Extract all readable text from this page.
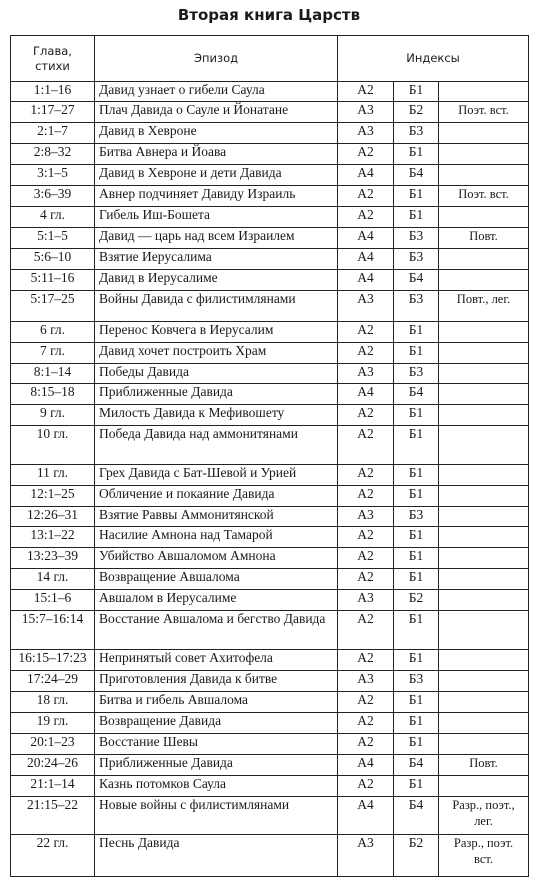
Вторая книга Царств
Глава, стихи	Эпизод	Индексы		
1:1–16	Давид узнает о гибели Саула	А2	Б1	
1:17–27	Плач Давида о Сауле и Йонатане	А3	Б2	Поэт. вст.
2:1–7	Давид в Хевроне	А3	Б3	
2:8–32	Битва Авнера и Йоава	А2	Б1	
3:1–5	Давид в Хевроне и дети Давида	А4	Б4	
3:6–39	Авнер подчиняет Давиду Израиль	А2	Б1	Поэт. вст.
4 гл.	Гибель Иш-Бошета	А2	Б1	
5:1–5	Давид — царь над всем Израилем	А4	Б3	Повт.
5:6–10	Взятие Иерусалима	А4	Б3	
5:11–16	Давид в Иерусалиме	А4	Б4	
5:17–25	Войны Давида с филистимлянами	А3	Б3	Повт., лег.
6 гл.	Перенос Ковчега в Иерусалим	А2	Б1	
7 гл.	Давид хочет построить Храм	А2	Б1	
8:1–14	Победы Давида	А3	Б3	
8:15–18	Приближенные Давида	А4	Б4	
9 гл.	Милость Давида к Мефивошету	А2	Б1	
10 гл.	Победа Давида над аммонитянами	А2	Б1	
11 гл.	Грех Давида с Бат-Шевой и Урией	А2	Б1	
12:1–25	Обличение и покаяние Давида	А2	Б1	
12:26–31	Взятие Раввы Аммонитянской	А3	Б3	
13:1–22	Насилие Амнона над Тамарой	А2	Б1	
13:23–39	Убийство Авшаломом Амнона	А2	Б1	
14 гл.	Возвращение Авшалома	А2	Б1	
15:1–6	Авшалом в Иерусалиме	А3	Б2	
15:7–16:14	Восстание Авшалома и бегство Давида	А2	Б1	
16:15–17:23	Непринятый совет Ахитофела	А2	Б1	
17:24–29	Приготовления Давида к битве	А3	Б3	
18 гл.	Битва и гибель Авшалома	А2	Б1	
19 гл.	Возвращение Давида	А2	Б1	
20:1–23	Восстание Шевы	А2	Б1	
20:24–26	Приближенные Давида	А4	Б4	Повт.
21:1–14	Казнь потомков Саула	А2	Б1	
21:15–22	Новые войны с филистимлянами	А4	Б4	Разр., поэт., лег.
22 гл.	Песнь Давида	А3	Б2	Разр., поэт. вст.
